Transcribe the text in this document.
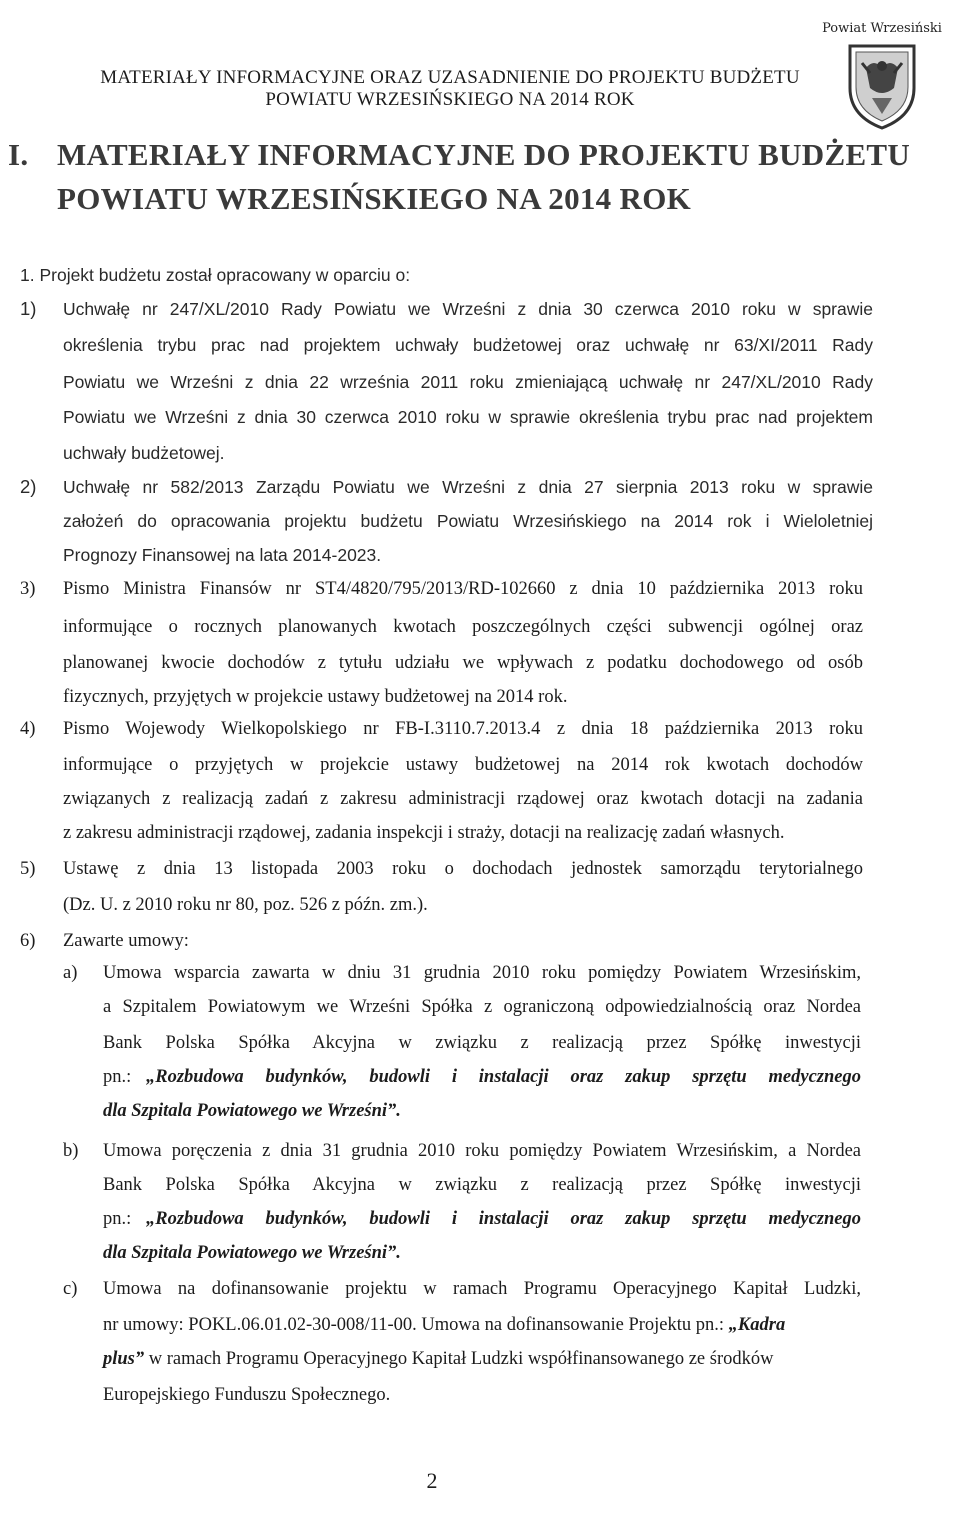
MATERIAŁY INFORMACYJNE ORAZ UZASADNIENIE DO PROJEKTU BUDŻETU
POWIATU WRZESIŃSKIEGO NA 2014 ROK
Powiat Wrzesiński
I. MATERIAŁY INFORMACYJNE DO PROJEKTU BUDŻETU
POWIATU WRZESIŃSKIEGO NA 2014 ROK
1. Projekt budżetu został opracowany w oparciu o:
1) Uchwałę nr 247/XL/2010 Rady Powiatu we Wrześni z dnia 30 czerwca 2010 roku w sprawie
określenia trybu prac nad projektem uchwały budżetowej oraz uchwałę nr 63/XI/2011 Rady
Powiatu we Wrześni z dnia 22 września 2011 roku zmieniającą uchwałę nr 247/XL/2010 Rady
Powiatu we Wrześni z dnia 30 czerwca 2010 roku w sprawie określenia trybu prac nad projektem
uchwały budżetowej.
2) Uchwałę nr 582/2013 Zarządu Powiatu we Wrześni z dnia 27 sierpnia 2013 roku w sprawie
założeń do opracowania projektu budżetu Powiatu Wrzesińskiego na 2014 rok i Wieloletniej
Prognozy Finansowej na lata 2014-2023.
3) Pismo Ministra Finansów nr ST4/4820/795/2013/RD-102660 z dnia 10 października 2013 roku
informujące o rocznych planowanych kwotach poszczególnych części subwencji ogólnej oraz
planowanej kwocie dochodów z tytułu udziału we wpływach z podatku dochodowego od osób
fizycznych, przyjętych w projekcie ustawy budżetowej na 2014 rok.
4) Pismo Wojewody Wielkopolskiego nr FB-I.3110.7.2013.4 z dnia 18 października 2013 roku
informujące o przyjętych w projekcie ustawy budżetowej na 2014 rok kwotach dochodów
związanych z realizacją zadań z zakresu administracji rządowej oraz kwotach dotacji na zadania
z zakresu administracji rządowej, zadania inspekcji i straży, dotacji na realizację zadań własnych.
5) Ustawę z dnia 13 listopada 2003 roku o dochodach jednostek samorządu terytorialnego
(Dz. U. z 2010 roku nr 80, poz. 526 z późn. zm.).
6) Zawarte umowy:
a) Umowa wsparcia zawarta w dniu 31 grudnia 2010 roku pomiędzy Powiatem Wrzesińskim,
a Szpitalem Powiatowym we Wrześni Spółka z ograniczoną odpowiedzialnością oraz Nordea
Bank Polska Spółka Akcyjna w związku z realizacją przez Spółkę inwestycji
pn.: „Rozbudowa budynków, budowli i instalacji oraz zakup sprzętu medycznego
dla Szpitala Powiatowego we Wrześni”.
b) Umowa poręczenia z dnia 31 grudnia 2010 roku pomiędzy Powiatem Wrzesińskim, a Nordea
Bank Polska Spółka Akcyjna w związku z realizacją przez Spółkę inwestycji
pn.: „Rozbudowa budynków, budowli i instalacji oraz zakup sprzętu medycznego
dla Szpitala Powiatowego we Wrześni”.
c) Umowa na dofinansowanie projektu w ramach Programu Operacyjnego Kapitał Ludzki,
nr umowy: POKL.06.01.02-30-008/11-00. Umowa na dofinansowanie Projektu pn.: „Kadra
plus” w ramach Programu Operacyjnego Kapitał Ludzki współfinansowanego ze środków
Europejskiego Funduszu Społecznego.
2
